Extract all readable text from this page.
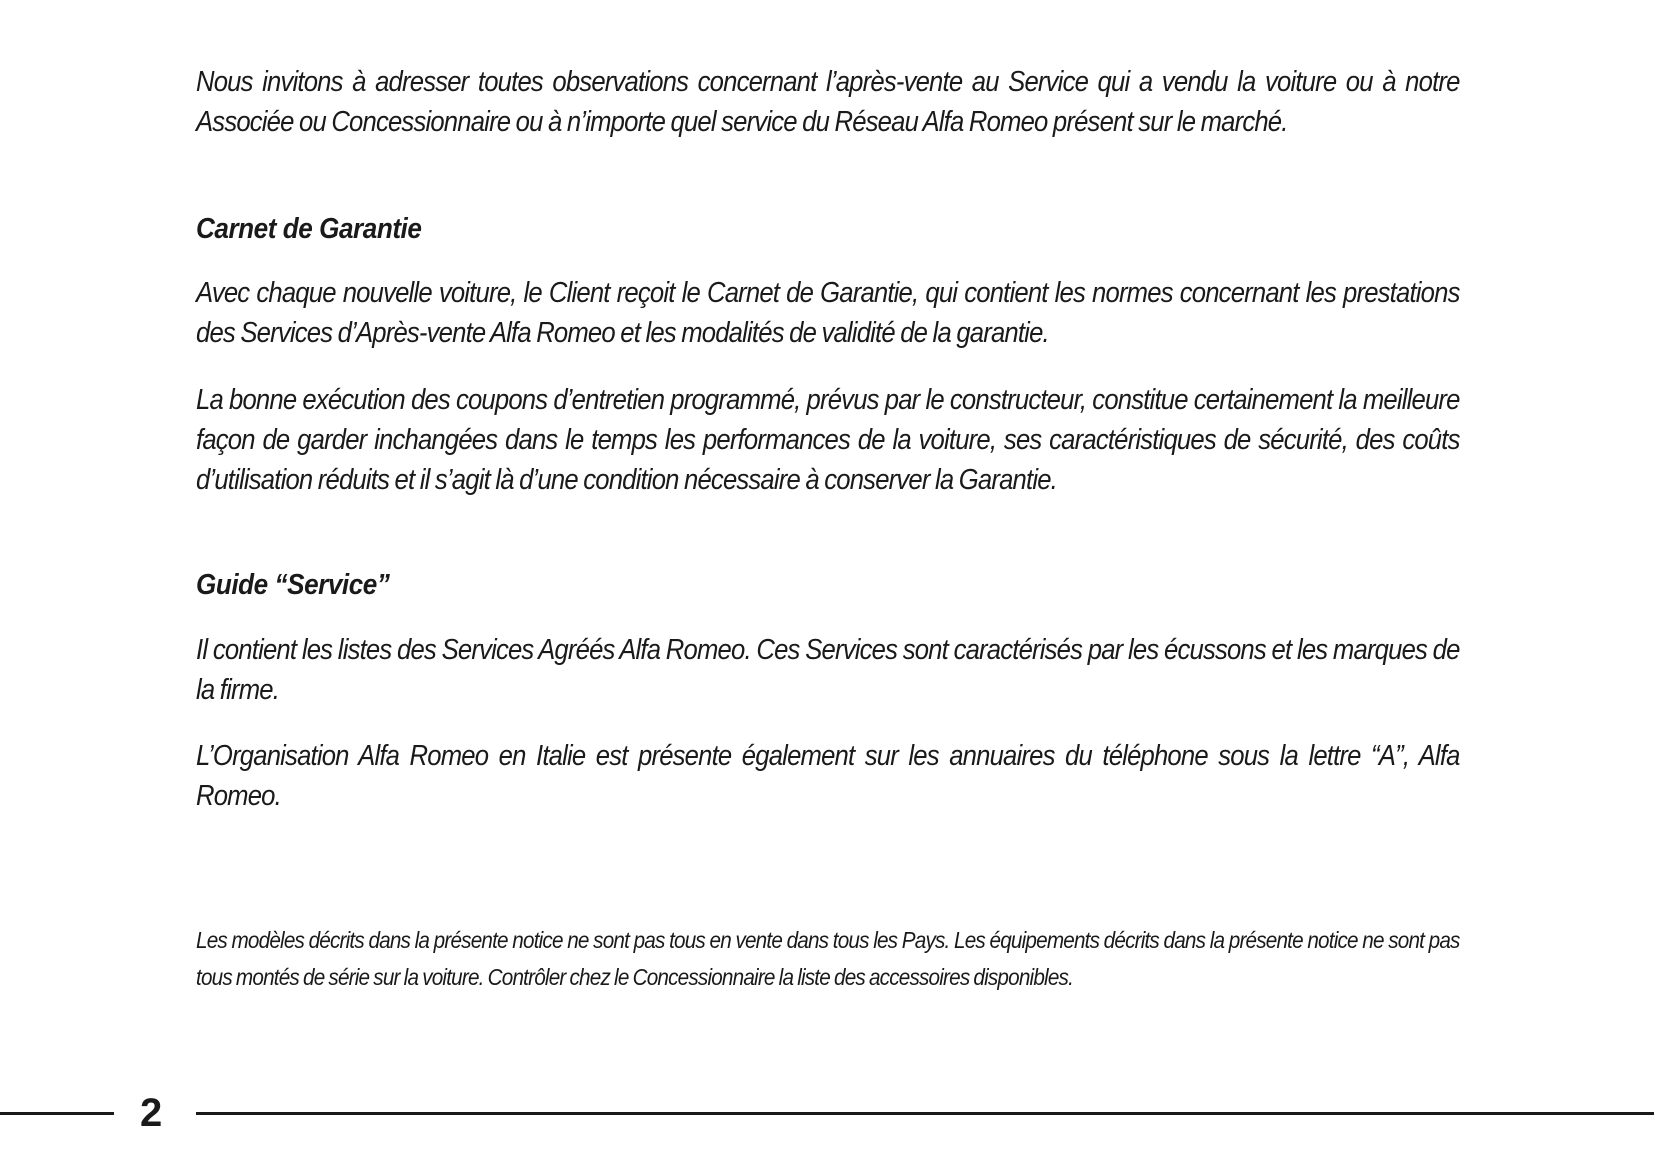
Nous invitons à adresser toutes observations concernant l’après-vente au Service qui a vendu la voiture ou à notre Associée ou Concessionnaire ou à n’importe quel service du Réseau Alfa Romeo présent sur le marché.

Carnet de Garantie

Avec chaque nouvelle voiture, le Client reçoit le Carnet de Garantie, qui contient les normes concernant les prestations des Services d’Après-vente Alfa Romeo et les modalités de validité de la garantie.

La bonne exécution des coupons d’entretien programmé, prévus par le constructeur, constitue certainement la meilleure façon de garder inchangées dans le temps les performances de la voiture, ses caractéristiques de sécurité, des coûts d’utilisation réduits et il s’agit là d’une condition nécessaire à conserver la Garantie.

Guide “Service”

Il contient les listes des Services Agréés Alfa Romeo. Ces Services sont caractérisés par les écussons et les marques de la firme.

L’Organisation Alfa Romeo en Italie est présente également sur les annuaires du téléphone sous la lettre “A”, Alfa Romeo.

Les modèles décrits dans la présente notice ne sont pas tous en vente dans tous les Pays. Les équipements décrits dans la présente notice ne sont pas tous montés de série sur la voiture. Contrôler chez le Concessionnaire la liste des accessoires disponibles.

2
